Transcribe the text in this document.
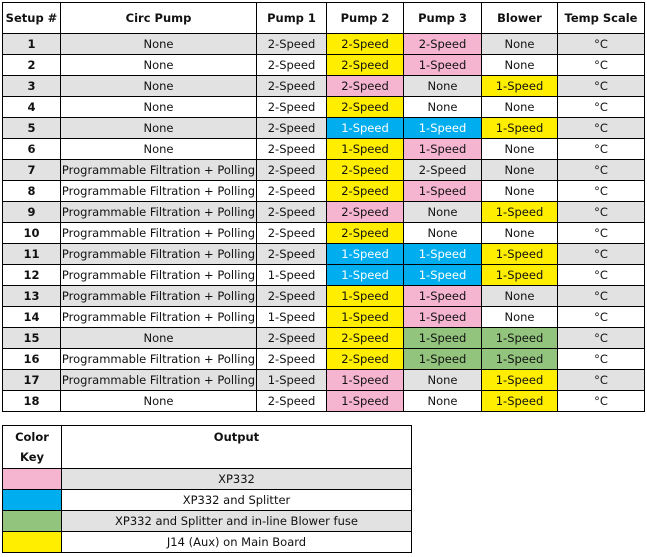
Setup #	Circ Pump	Pump 1	Pump 2	Pump 3	Blower	Temp Scale
1	None	2-Speed	2-Speed	2-Speed	None	°C
2	None	2-Speed	2-Speed	1-Speed	None	°C
3	None	2-Speed	2-Speed	None	1-Speed	°C
4	None	2-Speed	2-Speed	None	None	°C
5	None	2-Speed	1-Speed	1-Speed	1-Speed	°C
6	None	2-Speed	1-Speed	1-Speed	None	°C
7	Programmable Filtration + Polling	2-Speed	2-Speed	2-Speed	None	°C
8	Programmable Filtration + Polling	2-Speed	2-Speed	1-Speed	None	°C
9	Programmable Filtration + Polling	2-Speed	2-Speed	None	1-Speed	°C
10	Programmable Filtration + Polling	2-Speed	2-Speed	None	None	°C
11	Programmable Filtration + Polling	2-Speed	1-Speed	1-Speed	1-Speed	°C
12	Programmable Filtration + Polling	1-Speed	1-Speed	1-Speed	1-Speed	°C
13	Programmable Filtration + Polling	2-Speed	1-Speed	1-Speed	None	°C
14	Programmable Filtration + Polling	1-Speed	1-Speed	1-Speed	None	°C
15	None	2-Speed	2-Speed	1-Speed	1-Speed	°C
16	Programmable Filtration + Polling	2-Speed	2-Speed	1-Speed	1-Speed	°C
17	Programmable Filtration + Polling	1-Speed	1-Speed	None	1-Speed	°C
18	None	2-Speed	1-Speed	None	1-Speed	°C
Color
Key	Output
	XP332
	XP332 and Splitter
	XP332 and Splitter and in-line Blower fuse
	J14 (Aux) on Main Board
